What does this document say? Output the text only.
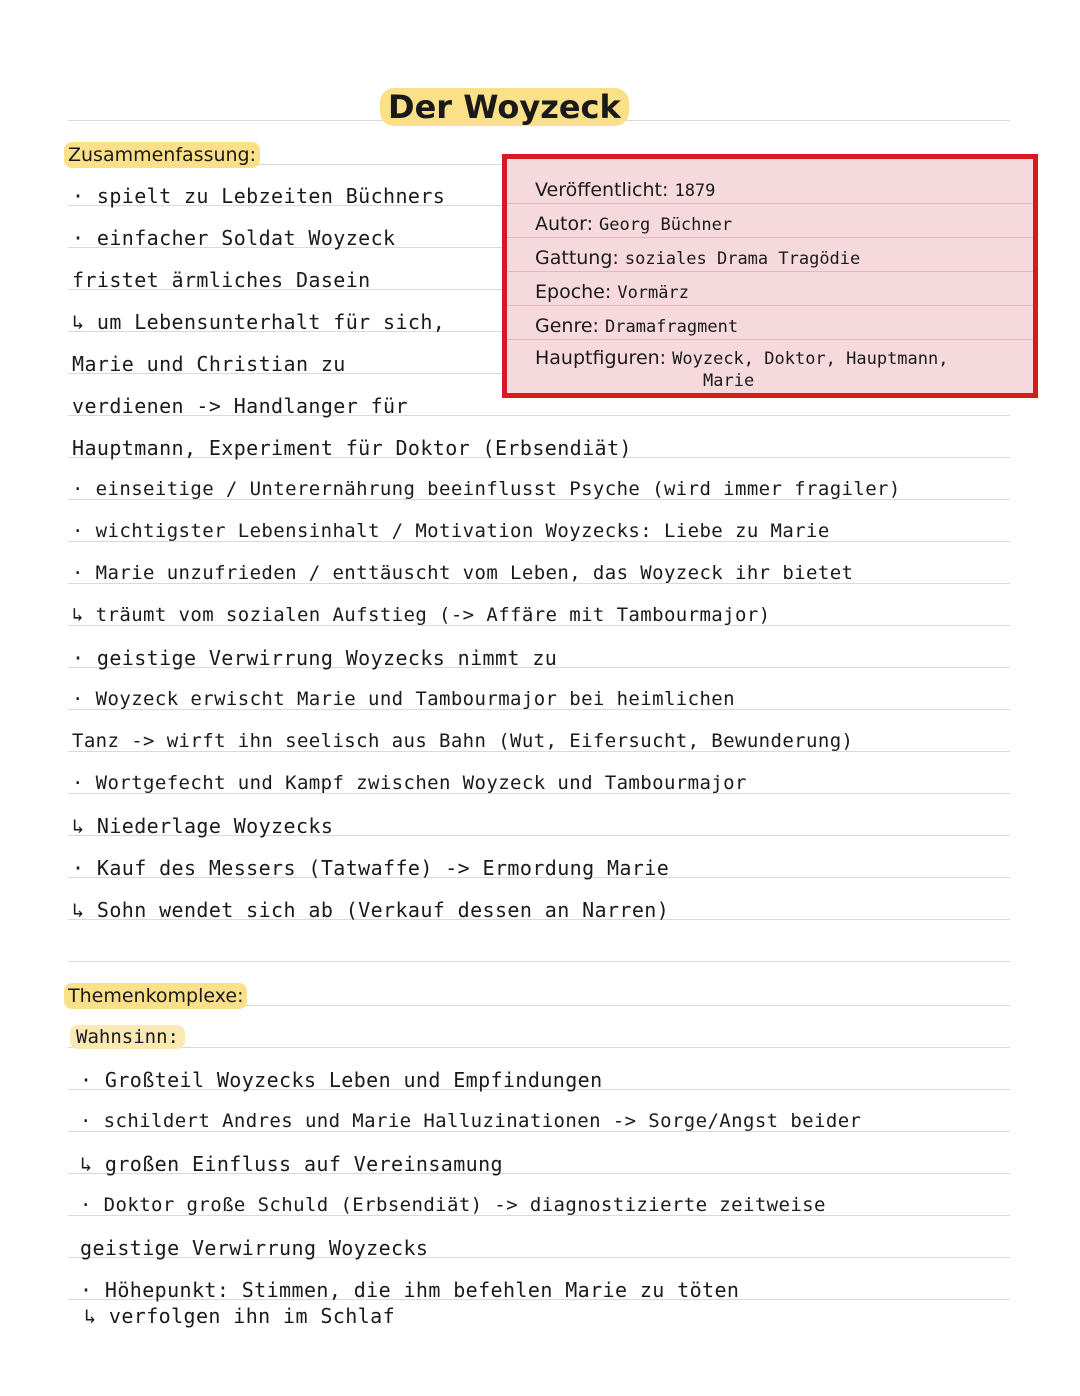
Der Woyzeck
Zusammenfassung:
Veröffentlicht: 1879
Autor: Georg Büchner
Gattung: soziales Drama Tragödie
Epoche: Vormärz
Genre: Dramafragment
Hauptfiguren: Woyzeck, Doktor, Hauptmann,
Marie
· spielt zu Lebzeiten Büchners
· einfacher Soldat Woyzeck
fristet ärmliches Dasein
↳ um Lebensunterhalt für sich,
Marie und Christian zu
verdienen -> Handlanger für
Hauptmann, Experiment für Doktor (Erbsendiät)
· einseitige / Unterernährung beeinflusst Psyche (wird immer fragiler)
· wichtigster Lebensinhalt / Motivation Woyzecks: Liebe zu Marie
· Marie unzufrieden / enttäuscht vom Leben, das Woyzeck ihr bietet
↳ träumt vom sozialen Aufstieg (-> Affäre mit Tambourmajor)
· geistige Verwirrung Woyzecks nimmt zu
· Woyzeck erwischt Marie und Tambourmajor bei heimlichen
Tanz -> wirft ihn seelisch aus Bahn (Wut, Eifersucht, Bewunderung)
· Wortgefecht und Kampf zwischen Woyzeck und Tambourmajor
↳ Niederlage Woyzecks
· Kauf des Messers (Tatwaffe) -> Ermordung Marie
↳ Sohn wendet sich ab (Verkauf dessen an Narren)
Themenkomplexe:
Wahnsinn:
· Großteil Woyzecks Leben und Empfindungen
· schildert Andres und Marie Halluzinationen -> Sorge/Angst beider
↳ großen Einfluss auf Vereinsamung
· Doktor große Schuld (Erbsendiät) -> diagnostizierte zeitweise
geistige Verwirrung Woyzecks
· Höhepunkt: Stimmen, die ihm befehlen Marie zu töten
↳ verfolgen ihn im Schlaf
